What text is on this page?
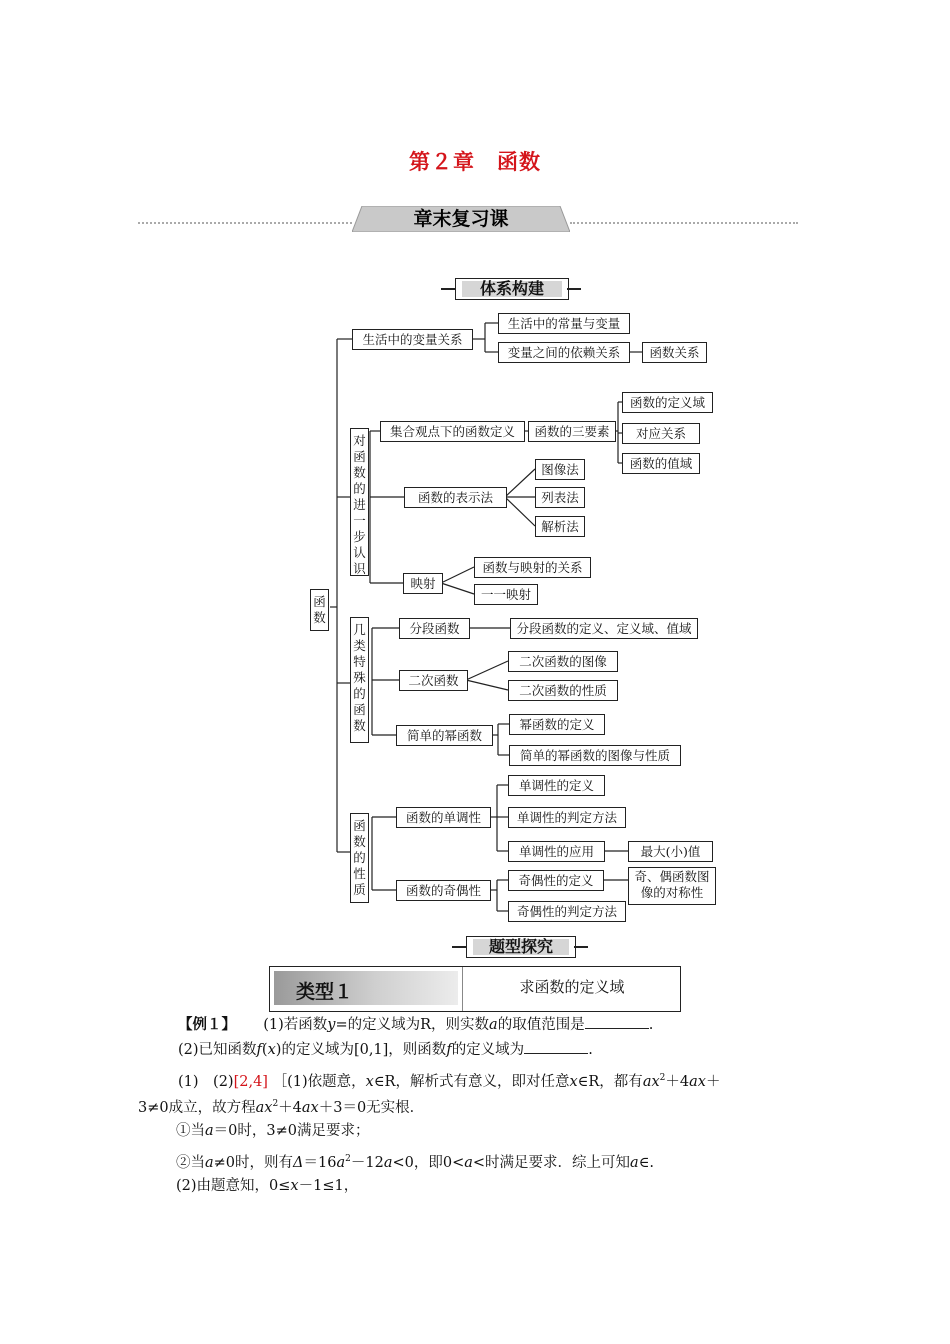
第２章　函数
章末复习课
体系构建
函数
生活中的变量关系
生活中的常量与变量
变量之间的依赖关系	函数关系
对函数的进一步认识
集合观点下的函数定义	函数的三要素
函数的定义域
对应关系
函数的值域
函数的表示法
图像法
列表法
解析法
映射
函数与映射的关系
一一映射
几类特殊的函数
分段函数	分段函数的定义、定义域、值域
二次函数
二次函数的图像
二次函数的性质
简单的幂函数
幂函数的定义
简单的幂函数的图像与性质
函数的性质
函数的单调性
单调性的定义
单调性的判定方法
单调性的应用	最大(小)值
函数的奇偶性
奇偶性的定义	奇、偶函数图像的对称性
奇偶性的判定方法
题型探究
类型１	求函数的定义域
【例１】 (1)若函数y=的定义域为R，则实数a的取值范围是	.
(2)已知函数f(x)的定义域为[0,1]，则函数f的定义域为	.
(1)　(2)[2,4] ［(1)依题意，x∈R，解析式有意义，即对任意x∈R，都有$ax^2+4ax+$
3≠0成立，故方程$ax^2+4ax+3=0$无实根．
①当a＝0时，3≠0满足要求；
②当a≠0时，则有$\Delta=16a^2-12a<0$，即0<a<时满足要求．综上可知a∈.
(2)由题意知，0≤x－1≤1，
